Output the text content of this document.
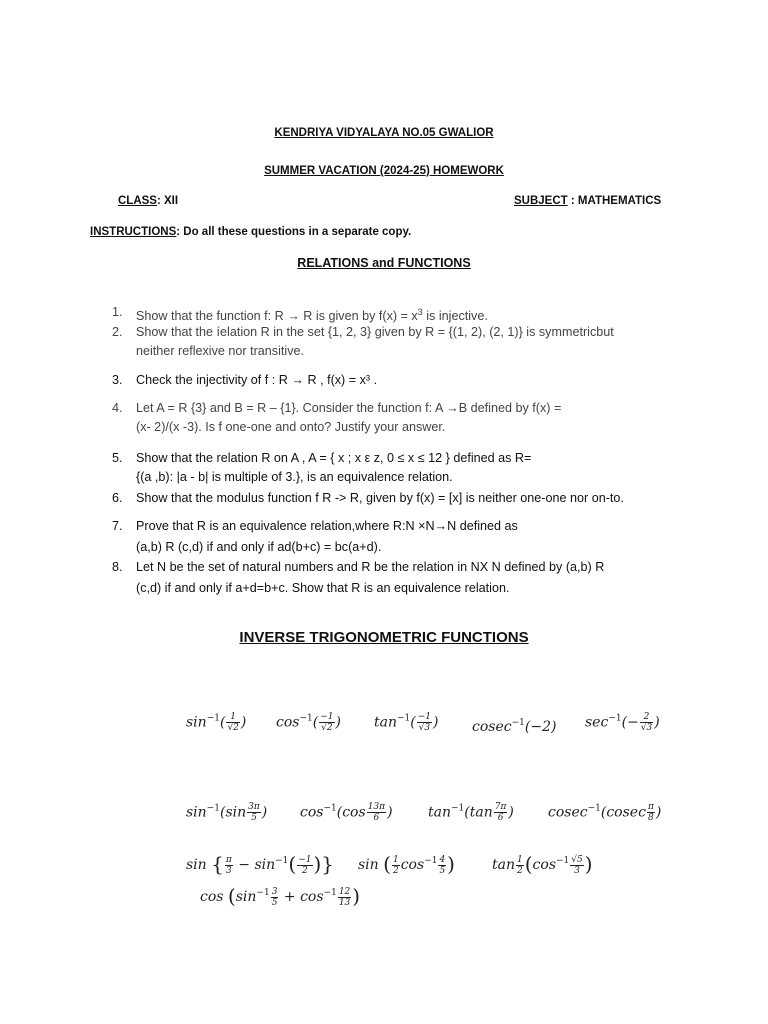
KENDRIYA VIDYALAYA NO.05 GWALIOR
SUMMER VACATION (2024-25) HOMEWORK
CLASS: XII	SUBJECT : MATHEMATICS
INSTRUCTIONS: Do all these questions in a separate copy.
RELATIONS and FUNCTIONS
1.	Show that the function f: R → R is given by $f(x) = x^3$ is injective.
2.	Show that the íelation R in the set {1, 2, 3} given by R = {(1, 2), (2, 1)} is symmetricbut
neither reflexive nor transitive.
3.	Check the injectivity of f : R → R , f(x) = x³ .
4.	Let A = R {3} and B = R – {1}. Consider the function f: A →B defined by f(x) =
(x- 2)/(x -3). Is f one-one and onto? Justify your answer.
5.	Show that the relation R on A , A = { x ; x ε z, 0 ≤ x ≤ 12 } defined as R=
{(a ,b): |a - b| is multiple of 3.}, is an equivalence relation.
6.	Show that the modulus function f R -> R, given by f(x) = [x] is neither one-one nor on-to.
7.	Prove that R is an equivalence relation,where R:N ×N→N defined as
(a,b) R (c,d) if and only if ad(b+c) = bc(a+d).
8.	Let N be the set of natural numbers and R be the relation in NX N defined by (a,b) R
(c,d) if and only if a+d=b+c. Show that R is an equivalence relation.
INVERSE TRIGONOMETRIC FUNCTIONS
$\sin^{-1}( \frac{1}{√2}$ ) $\cos^{-1}( \frac{-1}{√2}$ ) $\tan^{-1}( \frac{-1}{√3}$ ) cosec$^{-1}$(−2) $\sec^{-1}(- \frac{2}{√3}$ )
$\sin^{-1}(\sin \frac{3\pi}{5}$ ) $\cos^{-1}(\cos \frac{13\pi}{6}$ )	$\tan^{-1}(\tan \frac{7\pi}{6}$ ) $cosec^{-1}(cosec \frac{\pi}{8}$ )
sin { $\frac{\pi}{3} - \sin^{-1}( \frac{-1}{2}$ )} sin ( $\frac{1}{2} \cos^{-1} \frac{4}{5}$ )	$\tan \frac{1}{2} (\cos^{-1} \frac{√5}{3}$ )
$\cos (\sin^{-1} \frac{3}{5} + \cos^{-1} \frac{12}{13}$ )
